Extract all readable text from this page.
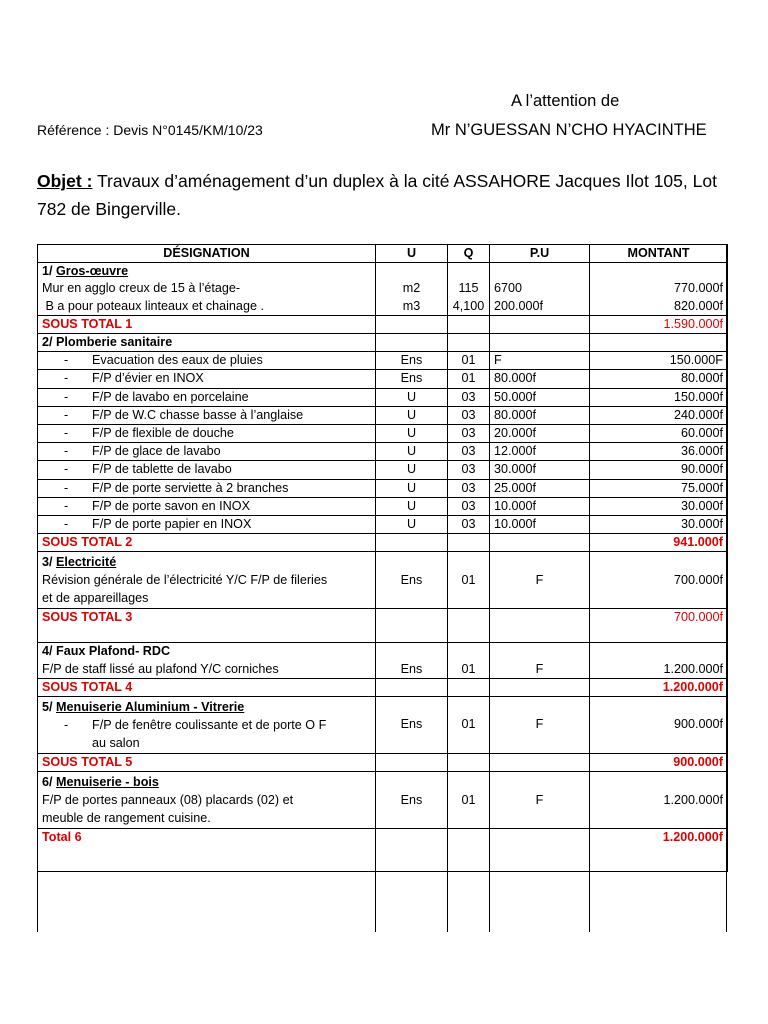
A l’attention de
Mr N’GUESSAN N’CHO HYACINTHE
Référence : Devis N°0145/KM/10/23
Objet : Travaux d’aménagement d’un duplex à la cité ASSAHORE Jacques Ilot 105, Lot 782 de Bingerville.
DÉSIGNATION	U	Q	P.U	MONTANT
1/ Gros-œuvre				
Mur en agglo creux de 15 à l’étage-	m2	115	6700	770.000f
B a pour poteaux linteaux et chainage .	m3	4,100	200.000f	820.000f
SOUS TOTAL 1				1.590.000f
2/ Plomberie sanitaire				
- Evacuation des eaux de pluies	Ens	01	F	150.000F
- F/P d’évier en INOX	Ens	01	80.000f	80.000f
- F/P de lavabo en porcelaine	U	03	50.000f	150.000f
- F/P de W.C chasse basse à l’anglaise	U	03	80.000f	240.000f
- F/P de flexible de douche	U	03	20.000f	60.000f
- F/P de glace de lavabo	U	03	12.000f	36.000f
- F/P de tablette de lavabo	U	03	30.000f	90.000f
- F/P de porte serviette à 2 branches	U	03	25.000f	75.000f
- F/P de porte savon en INOX	U	03	10.000f	30.000f
- F/P de porte papier en INOX	U	03	10.000f	30.000f
SOUS TOTAL 2				941.000f

3/ Electricité
Révision générale de l’électricité Y/C F/P de fileries
et de appareillages	Ens	01	F	700.000f
SOUS TOTAL 3				700.000f
4/ Faux Plafond- RDC				
F/P de staff lissé au plafond Y/C corniches	Ens	01	F	1.200.000f
SOUS TOTAL 4				1.200.000f

5/ Menuiserie Aluminium - Vitrerie
- F/P de fenêtre coulissante et de porte O F
au salon	Ens	01	F	900.000f
SOUS TOTAL 5				900.000f

6/ Menuiserie - bois
F/P de portes panneaux (08) placards (02) et
meuble de rangement cuisine.	Ens	01	F	1.200.000f
Total 6				1.200.000f
